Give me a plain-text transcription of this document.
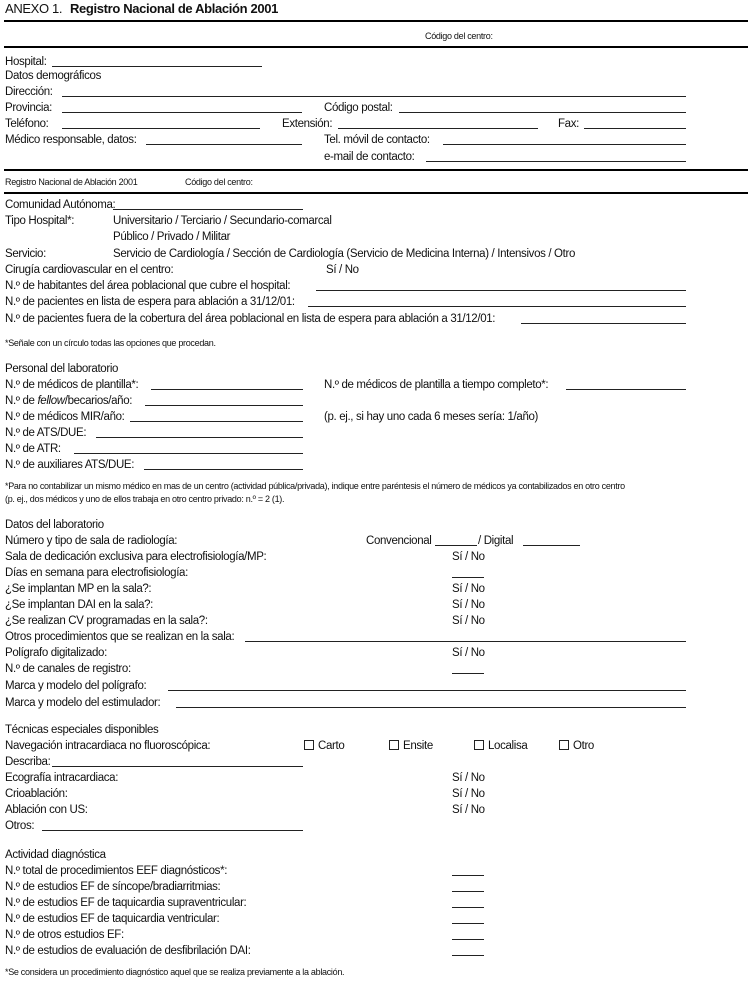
ANEXO 1. Registro Nacional de Ablación 2001
Código del centro:
Hospital:
Datos demográficos
Dirección:
Provincia:	Código postal:
Teléfono:	Extensión:	Fax:
Médico responsable, datos:	Tel. móvil de contacto:
e-mail de contacto:
Registro Nacional de Ablación 2001	Código del centro:
Comunidad Autónoma:
Tipo Hospital*:	Universitario / Terciario / Secundario-comarcal
Público / Privado / Militar
Servicio:	Servicio de Cardiología / Sección de Cardiología (Servicio de Medicina Interna) / Intensivos / Otro
Cirugía cardiovascular en el centro:	Sí / No
N.º de habitantes del área poblacional que cubre el hospital:
N.º de pacientes en lista de espera para ablación a 31/12/01:
N.º de pacientes fuera de la cobertura del área poblacional en lista de espera para ablación a 31/12/01:
*Señale con un círculo todas las opciones que procedan.
Personal del laboratorio
N.º de médicos de plantilla*:	N.º de médicos de plantilla a tiempo completo*:
N.º de fellow/becarios/año:
N.º de médicos MIR/año:	(p. ej., si hay uno cada 6 meses sería: 1/año)
N.º de ATS/DUE:
N.º de ATR:
N.º de auxiliares ATS/DUE:
*Para no contabilizar un mismo médico en mas de un centro (actividad pública/privada), indique entre paréntesis el número de médicos ya contabilizados en otro centro
(p. ej., dos médicos y uno de ellos trabaja en otro centro privado: n.º = 2 (1).
Datos del laboratorio
Número y tipo de sala de radiología:	Convencional	/ Digital
Sala de dedicación exclusiva para electrofisiología/MP:	Sí / No
Días en semana para electrofisiología:
¿Se implantan MP en la sala?:	Sí / No
¿Se implantan DAI en la sala?:	Sí / No
¿Se realizan CV programadas en la sala?:	Sí / No
Otros procedimientos que se realizan en la sala:
Polígrafo digitalizado:	Sí / No
N.º de canales de registro:
Marca y modelo del polígrafo:
Marca y modelo del estimulador:
Técnicas especiales disponibles
Navegación intracardiaca no fluoroscópica:	Carto	Ensite	Localisa	Otro
Describa:
Ecografía intracardiaca:	Sí / No
Crioablación:	Sí / No
Ablación con US:	Sí / No
Otros:
Actividad diagnóstica
N.º total de procedimientos EEF diagnósticos*:
N.º de estudios EF de síncope/bradiarritmias:
N.º de estudios EF de taquicardia supraventricular:
N.º de estudios EF de taquicardia ventricular:
N.º de otros estudios EF:
N.º de estudios de evaluación de desfibrilación DAI:
*Se considera un procedimiento diagnóstico aquel que se realiza previamente a la ablación.
